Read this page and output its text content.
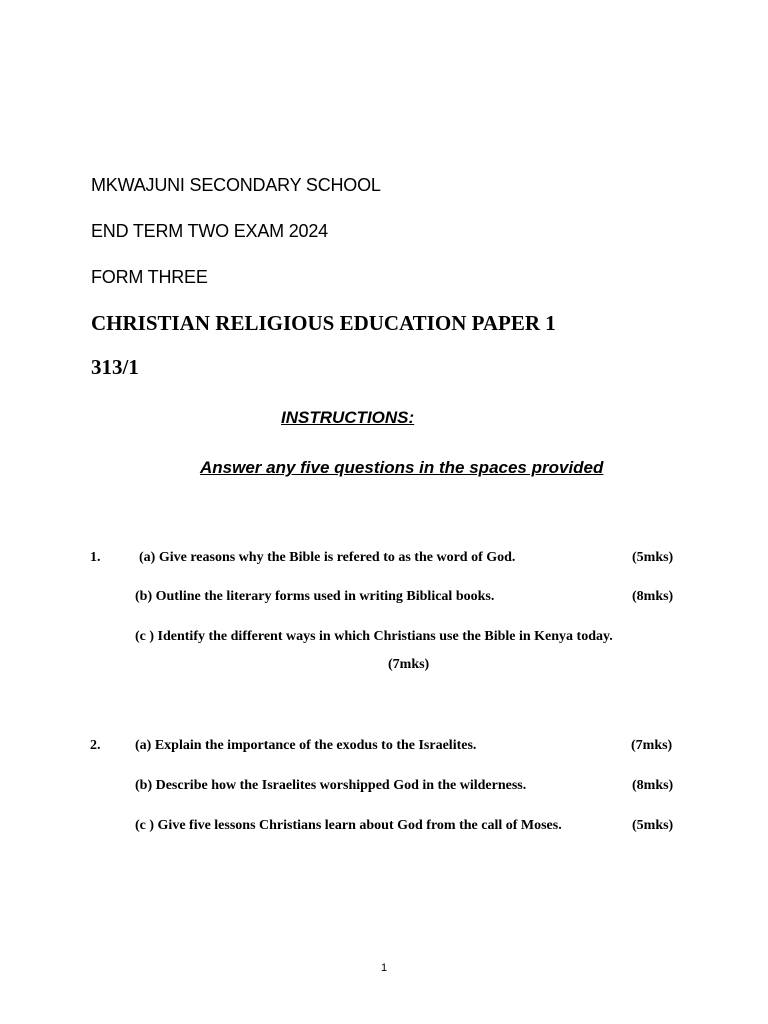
MKWAJUNI SECONDARY SCHOOL
END TERM TWO EXAM 2024
FORM THREE
CHRISTIAN RELIGIOUS EDUCATION PAPER 1
313/1
INSTRUCTIONS:
Answer any five questions in the spaces provided
1.	(a) Give reasons why the Bible is refered to as the word of God.	(5mks)
(b) Outline the literary forms used in writing Biblical books.	(8mks)
(c ) Identify the different ways in which Christians use the Bible in Kenya today.
(7mks)
2. (a) Explain the importance of the exodus to the Israelites.	(7mks)
(b) Describe how the Israelites worshipped God in the wilderness.	(8mks)
(c ) Give five lessons Christians learn about God from the call of Moses.	(5mks)
1
